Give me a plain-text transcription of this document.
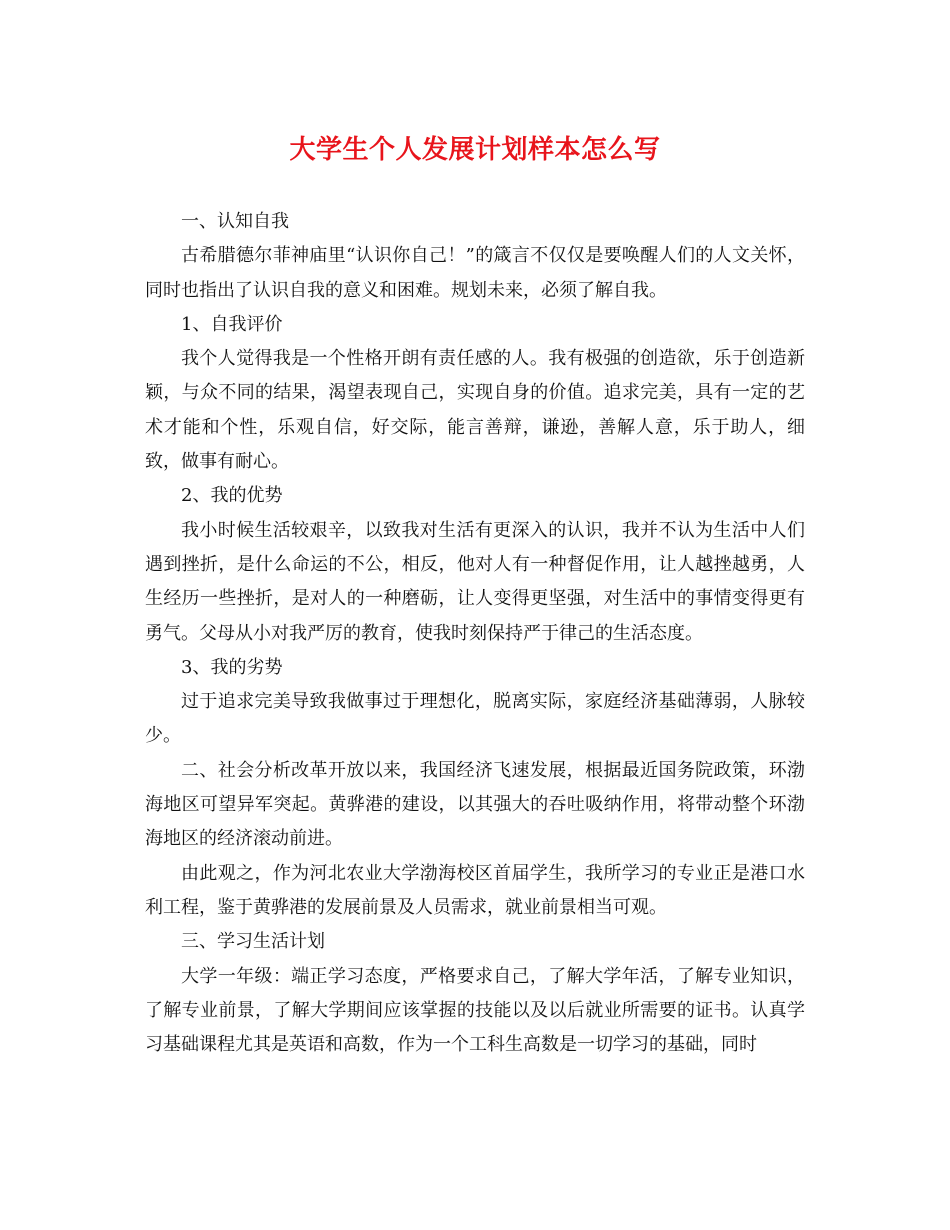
大学生个人发展计划样本怎么写

一、认知自我

古希腊德尔菲神庙里“认识你自己！”的箴言不仅仅是要唤醒人们的人文关怀，同时也指出了认识自我的意义和困难。规划未来，必须了解自我。

1、自我评价

我个人觉得我是一个性格开朗有责任感的人。我有极强的创造欲，乐于创造新颖，与众不同的结果，渴望表现自己，实现自身的价值。追求完美，具有一定的艺术才能和个性，乐观自信，好交际，能言善辩，谦逊，善解人意，乐于助人，细致，做事有耐心。

2、我的优势

我小时候生活较艰辛，以致我对生活有更深入的认识，我并不认为生活中人们遇到挫折，是什么命运的不公，相反，他对人有一种督促作用，让人越挫越勇，人生经历一些挫折，是对人的一种磨砺，让人变得更坚强，对生活中的事情变得更有勇气。父母从小对我严厉的教育，使我时刻保持严于律己的生活态度。

3、我的劣势

过于追求完美导致我做事过于理想化，脱离实际，家庭经济基础薄弱，人脉较少。

二、社会分析改革开放以来，我国经济飞速发展，根据最近国务院政策，环渤海地区可望异军突起。黄骅港的建设，以其强大的吞吐吸纳作用，将带动整个环渤海地区的经济滚动前进。

由此观之，作为河北农业大学渤海校区首届学生，我所学习的专业正是港口水利工程，鉴于黄骅港的发展前景及人员需求，就业前景相当可观。

三、学习生活计划

大学一年级：端正学习态度，严格要求自己，了解大学年活，了解专业知识，了解专业前景，了解大学期间应该掌握的技能以及以后就业所需要的证书。认真学习基础课程尤其是英语和高数，作为一个工科生高数是一切学习的基础，同时
